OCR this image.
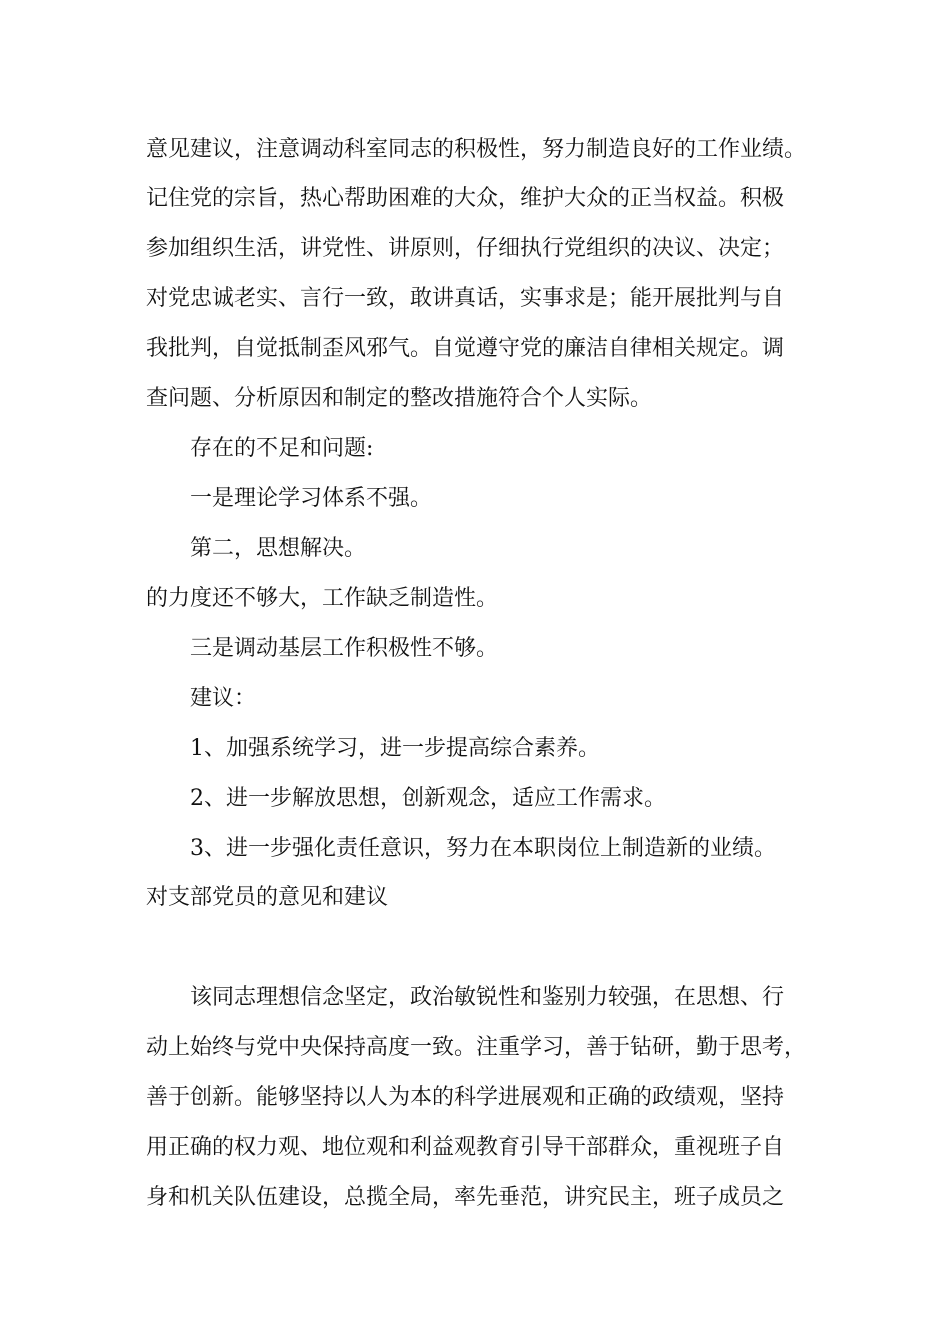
意见建议，注意调动科室同志的积极性，努力制造良好的工作业绩。
记住党的宗旨，热心帮助困难的大众，维护大众的正当权益。积极
参加组织生活，讲党性、讲原则，仔细执行党组织的决议、决定；
对党忠诚老实、言行一致，敢讲真话，实事求是；能开展批判与自
我批判，自觉抵制歪风邪气。自觉遵守党的廉洁自律相关规定。调
查问题、分析原因和制定的整改措施符合个人实际。
存在的不足和问题:
一是理论学习体系不强。
第二，思想解决。
的力度还不够大，工作缺乏制造性。
三是调动基层工作积极性不够。
建议：
1、加强系统学习，进一步提高综合素养。
2、进一步解放思想，创新观念，适应工作需求。
3、进一步强化责任意识，努力在本职岗位上制造新的业绩。
对支部党员的意见和建议
该同志理想信念坚定，政治敏锐性和鉴别力较强，在思想、行
动上始终与党中央保持高度一致。注重学习，善于钻研，勤于思考，
善于创新。能够坚持以人为本的科学进展观和正确的政绩观，坚持
用正确的权力观、地位观和利益观教育引导干部群众，重视班子自
身和机关队伍建设，总揽全局，率先垂范，讲究民主，班子成员之
